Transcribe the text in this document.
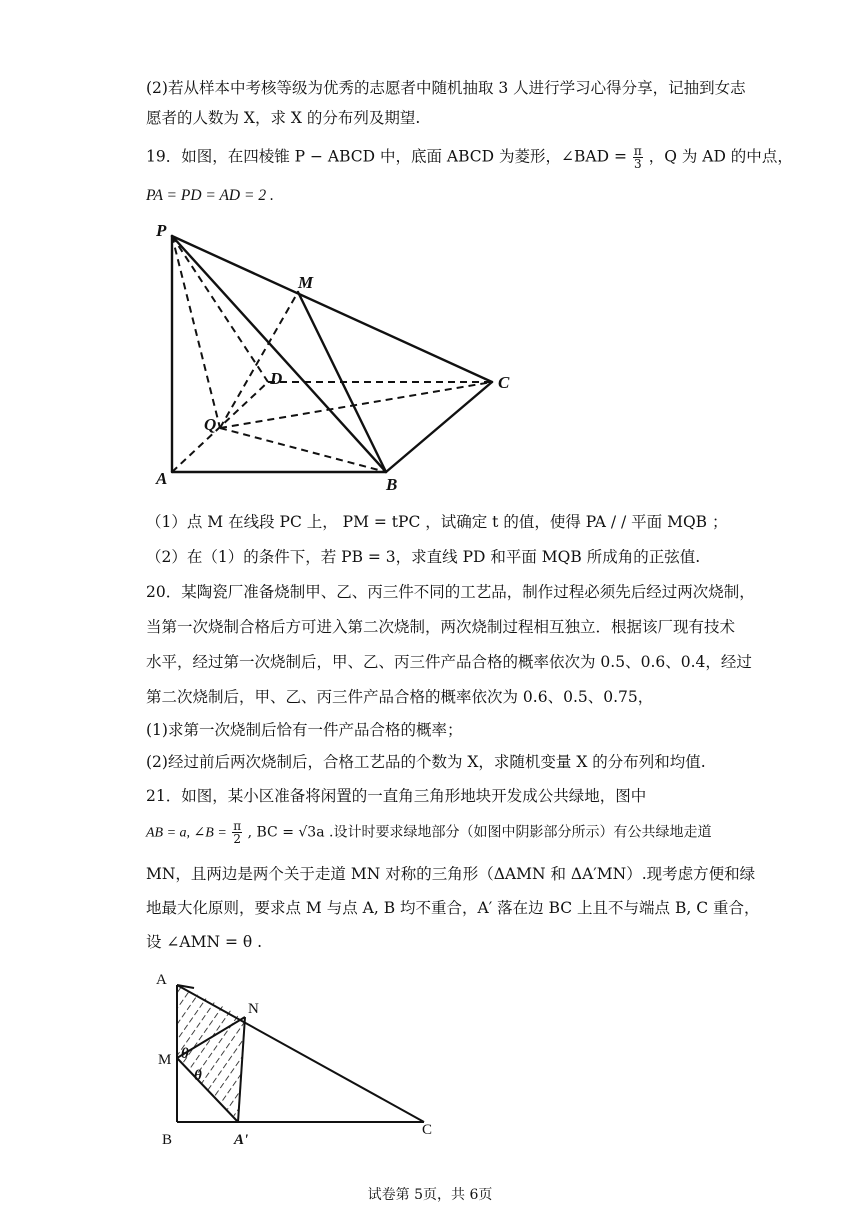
(2)若从样本中考核等级为优秀的志愿者中随机抽取 3 人进行学习心得分享，记抽到女志
愿者的人数为 X，求 X 的分布列及期望.
19．如图，在四棱锥 P − ABCD 中，底面 ABCD 为菱形，∠BAD = $\frac{\pi}{3}$ ，Q 为 AD 的中点，
PA = PD = AD = 2 .
P
M
D	C
Q
A	B
（1）点 M 在线段 PC 上， PM = tPC ，试确定 t 的值，使得 PA / / 平面 MQB ；
（2）在（1）的条件下，若 PB = 3，求直线 PD 和平面 MQB 所成角的正弦值.
20．某陶瓷厂准备烧制甲、乙、丙三件不同的工艺品，制作过程必须先后经过两次烧制，
当第一次烧制合格后方可进入第二次烧制，两次烧制过程相互独立．根据该厂现有技术
水平，经过第一次烧制后，甲、乙、丙三件产品合格的概率依次为 0.5、0.6、0.4，经过
第二次烧制后，甲、乙、丙三件产品合格的概率依次为 0.6、0.5、0.75，
(1)求第一次烧制后恰有一件产品合格的概率；
(2)经过前后两次烧制后，合格工艺品的个数为 X，求随机变量 X 的分布列和均值.
21．如图，某小区准备将闲置的一直角三角形地块开发成公共绿地，图中
AB = a, ∠B = $\frac{\pi}{2}$ , BC = √3a .设计时要求绿地部分（如图中阴影部分所示）有公共绿地走道
MN，且两边是两个关于走道 MN 对称的三角形（ΔAMN 和 ΔA′MN）.现考虑方便和绿
地最大化原则，要求点 M 与点 A, B 均不重合，A′ 落在边 BC 上且不与端点 B, C 重合，
设 ∠AMN = θ .
A
N
M
B	A'
C
θ
θ
试卷第 5页，共 6页
